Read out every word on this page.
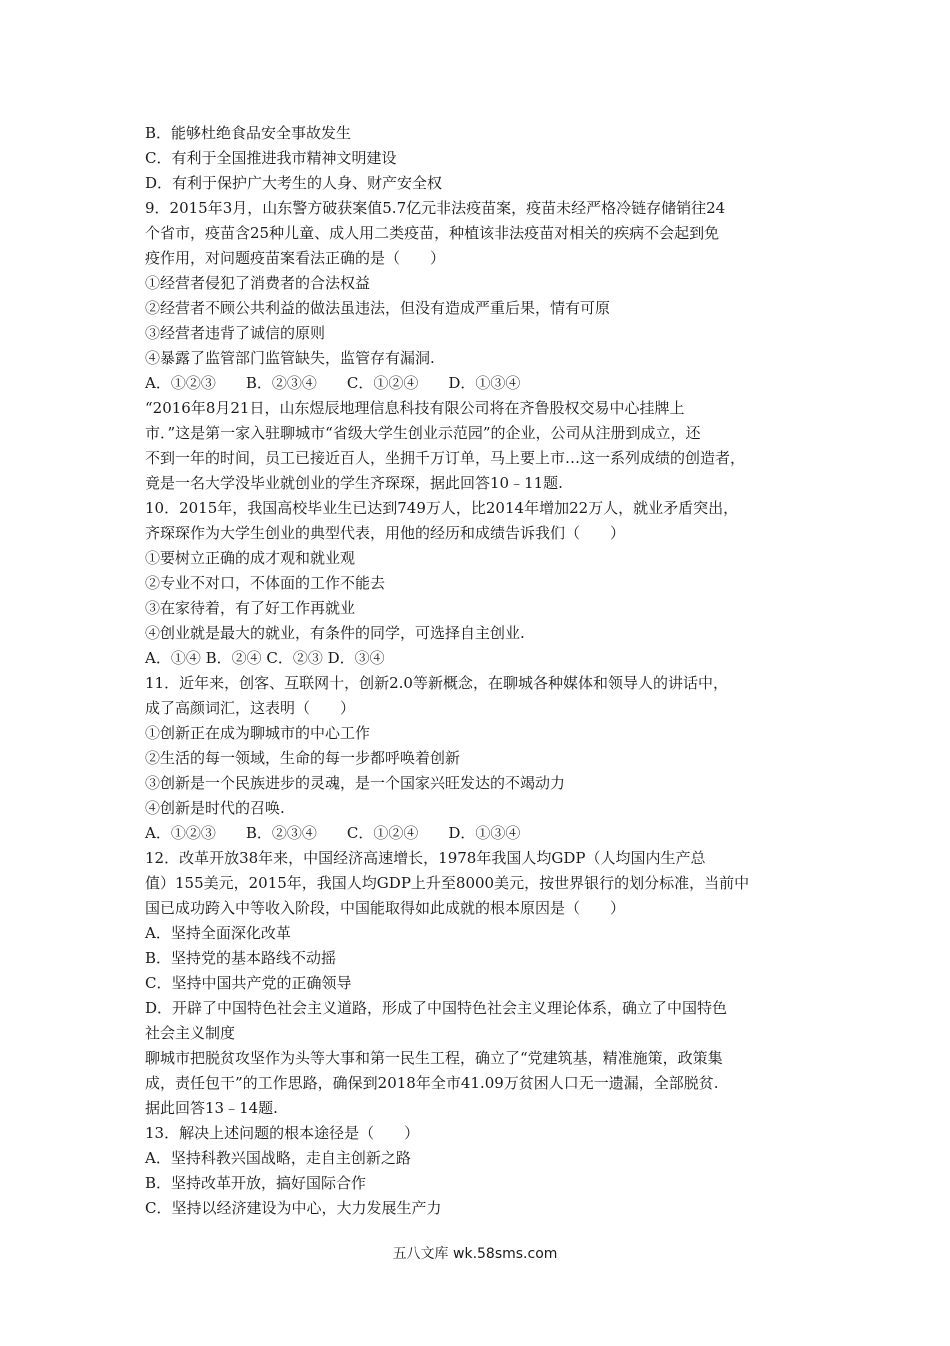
B．能够杜绝食品安全事故发生
C．有利于全国推进我市精神文明建设
D．有利于保护广大考生的人身、财产安全权
9．2015年3月，山东警方破获案值5.7亿元非法疫苗案，疫苗未经严格冷链存储销往24
个省市，疫苗含25种儿童、成人用二类疫苗，种植该非法疫苗对相关的疾病不会起到免
疫作用，对问题疫苗案看法正确的是（　　）
①经营者侵犯了消费者的合法权益
②经营者不顾公共利益的做法虽违法，但没有造成严重后果，情有可原
③经营者违背了诚信的原则
④暴露了监管部门监管缺失，监管存有漏洞.
A．①②③　　B．②③④　　C．①②④　　D．①③④
“2016年8月21日，山东煜辰地理信息科技有限公司将在齐鲁股权交易中心挂牌上
市．”这是第一家入驻聊城市“省级大学生创业示范园”的企业，公司从注册到成立，还
不到一年的时间，员工已接近百人，坐拥千万订单，马上要上市…这一系列成绩的创造者，
竟是一名大学没毕业就创业的学生齐琛琛，据此回答10﹣11题.
10．2015年，我国高校毕业生已达到749万人，比2014年增加22万人，就业矛盾突出，
齐琛琛作为大学生创业的典型代表，用他的经历和成绩告诉我们（　　）
①要树立正确的成才观和就业观
②专业不对口，不体面的工作不能去
③在家待着，有了好工作再就业
④创业就是最大的就业，有条件的同学，可选择自主创业.
A．①④ B．②④ C．②③ D．③④
11．近年来，创客、互联网十，创新2.0等新概念，在聊城各种媒体和领导人的讲话中，
成了高颜词汇，这表明（　　）
①创新正在成为聊城市的中心工作
②生活的每一领域，生命的每一步都呼唤着创新
③创新是一个民族进步的灵魂，是一个国家兴旺发达的不竭动力
④创新是时代的召唤.
A．①②③　　B．②③④　　C．①②④　　D．①③④
12．改革开放38年来，中国经济高速增长，1978年我国人均GDP（人均国内生产总
值）155美元，2015年，我国人均GDP上升至8000美元，按世界银行的划分标准，当前中
国已成功跨入中等收入阶段，中国能取得如此成就的根本原因是（　　）
A．坚持全面深化改革
B．坚持党的基本路线不动摇
C．坚持中国共产党的正确领导
D．开辟了中国特色社会主义道路，形成了中国特色社会主义理论体系，确立了中国特色
社会主义制度
聊城市把脱贫攻坚作为头等大事和第一民生工程，确立了“党建筑基，精准施策，政策集
成，责任包干”的工作思路，确保到2018年全市41.09万贫困人口无一遗漏，全部脱贫.
据此回答13﹣14题.
13．解决上述问题的根本途径是（　　）
A．坚持科教兴国战略，走自主创新之路
B．坚持改革开放，搞好国际合作
C．坚持以经济建设为中心，大力发展生产力
五八文库 wk.58sms.com
